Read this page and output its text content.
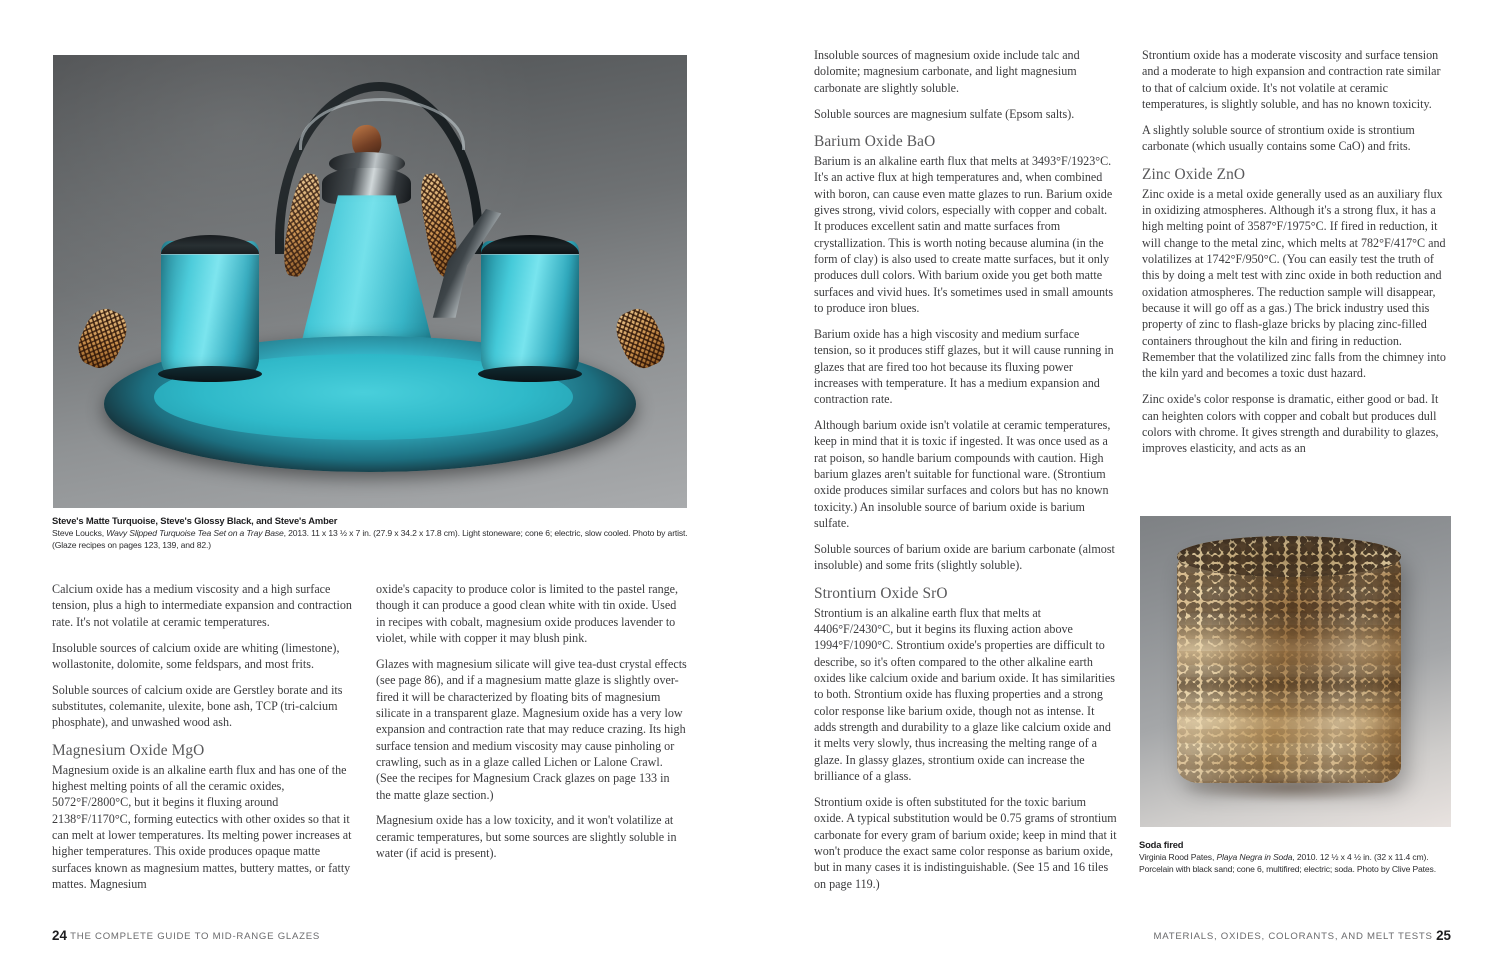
Steve's Matte Turquoise, Steve's Glossy Black, and Steve's Amber
Steve Loucks, Wavy Slipped Turquoise Tea Set on a Tray Base, 2013. 11 x 13 ½ x 7 in. (27.9 x 34.2 x 17.8 cm). Light stoneware; cone 6; electric, slow cooled. Photo by artist. (Glaze recipes on pages 123, 139, and 82.)

Calcium oxide has a medium viscosity and a high surface tension, plus a high to intermediate expansion and contraction rate. It's not volatile at ceramic temperatures.

Insoluble sources of calcium oxide are whiting (limestone), wollastonite, dolomite, some feldspars, and most frits.

Soluble sources of calcium oxide are Gerstley borate and its substitutes, colemanite, ulexite, bone ash, TCP (tri-calcium phosphate), and unwashed wood ash.

Magnesium Oxide MgO

Magnesium oxide is an alkaline earth flux and has one of the highest melting points of all the ceramic oxides, 5072°F/2800°C, but it begins it fluxing around 2138°F/1170°C, forming eutectics with other oxides so that it can melt at lower temperatures. Its melting power increases at higher temperatures. This oxide produces opaque matte surfaces known as magnesium mattes, buttery mattes, or fatty mattes. Magnesium

oxide's capacity to produce color is limited to the pastel range, though it can produce a good clean white with tin oxide. Used in recipes with cobalt, magnesium oxide produces lavender to violet, while with copper it may blush pink.

Glazes with magnesium silicate will give tea-dust crystal effects (see page 86), and if a magnesium matte glaze is slightly over-fired it will be characterized by floating bits of magnesium silicate in a transparent glaze. Magnesium oxide has a very low expansion and contraction rate that may reduce crazing. Its high surface tension and medium viscosity may cause pinholing or crawling, such as in a glaze called Lichen or Lalone Crawl. (See the recipes for Magnesium Crack glazes on page 133 in the matte glaze section.)

Magnesium oxide has a low toxicity, and it won't volatilize at ceramic temperatures, but some sources are slightly soluble in water (if acid is present).

24 THE COMPLETE GUIDE TO MID-RANGE GLAZES

Insoluble sources of magnesium oxide include talc and dolomite; magnesium carbonate, and light magnesium carbonate are slightly soluble.

Soluble sources are magnesium sulfate (Epsom salts).

Barium Oxide BaO

Barium is an alkaline earth flux that melts at 3493°F/1923°C. It's an active flux at high temperatures and, when combined with boron, can cause even matte glazes to run. Barium oxide gives strong, vivid colors, especially with copper and cobalt. It produces excellent satin and matte surfaces from crystallization. This is worth noting because alumina (in the form of clay) is also used to create matte surfaces, but it only produces dull colors. With barium oxide you get both matte surfaces and vivid hues. It's sometimes used in small amounts to produce iron blues.

Barium oxide has a high viscosity and medium surface tension, so it produces stiff glazes, but it will cause running in glazes that are fired too hot because its fluxing power increases with temperature. It has a medium expansion and contraction rate.

Although barium oxide isn't volatile at ceramic temperatures, keep in mind that it is toxic if ingested. It was once used as a rat poison, so handle barium compounds with caution. High barium glazes aren't suitable for functional ware. (Strontium oxide produces similar surfaces and colors but has no known toxicity.) An insoluble source of barium oxide is barium sulfate.

Soluble sources of barium oxide are barium carbonate (almost insoluble) and some frits (slightly soluble).

Strontium Oxide SrO

Strontium is an alkaline earth flux that melts at 4406°F/2430°C, but it begins its fluxing action above 1994°F/1090°C. Strontium oxide's properties are difficult to describe, so it's often compared to the other alkaline earth oxides like calcium oxide and barium oxide. It has similarities to both. Strontium oxide has fluxing properties and a strong color response like barium oxide, though not as intense. It adds strength and durability to a glaze like calcium oxide and it melts very slowly, thus increasing the melting range of a glaze. In glassy glazes, strontium oxide can increase the brilliance of a glass.

Strontium oxide is often substituted for the toxic barium oxide. A typical substitution would be 0.75 grams of strontium carbonate for every gram of barium oxide; keep in mind that it won't produce the exact same color response as barium oxide, but in many cases it is indistinguishable. (See 15 and 16 tiles on page 119.)

Strontium oxide has a moderate viscosity and surface tension and a moderate to high expansion and contraction rate similar to that of calcium oxide. It's not volatile at ceramic temperatures, is slightly soluble, and has no known toxicity.

A slightly soluble source of strontium oxide is strontium carbonate (which usually contains some CaO) and frits.

Zinc Oxide ZnO

Zinc oxide is a metal oxide generally used as an auxiliary flux in oxidizing atmospheres. Although it's a strong flux, it has a high melting point of 3587°F/1975°C. If fired in reduction, it will change to the metal zinc, which melts at 782°F/417°C and volatilizes at 1742°F/950°C. (You can easily test the truth of this by doing a melt test with zinc oxide in both reduction and oxidation atmospheres. The reduction sample will disappear, because it will go off as a gas.) The brick industry used this property of zinc to flash-glaze bricks by placing zinc-filled containers throughout the kiln and firing in reduction. Remember that the volatilized zinc falls from the chimney into the kiln yard and becomes a toxic dust hazard.

Zinc oxide's color response is dramatic, either good or bad. It can heighten colors with copper and cobalt but produces dull colors with chrome. It gives strength and durability to glazes, improves elasticity, and acts as an

Soda fired
Virginia Rood Pates, Playa Negra in Soda, 2010. 12 ½ x 4 ½ in. (32 x 11.4 cm). Porcelain with black sand; cone 6, multifired; electric; soda. Photo by Clive Pates.
MATERIALS, OXIDES, COLORANTS, AND MELT TESTS 25
